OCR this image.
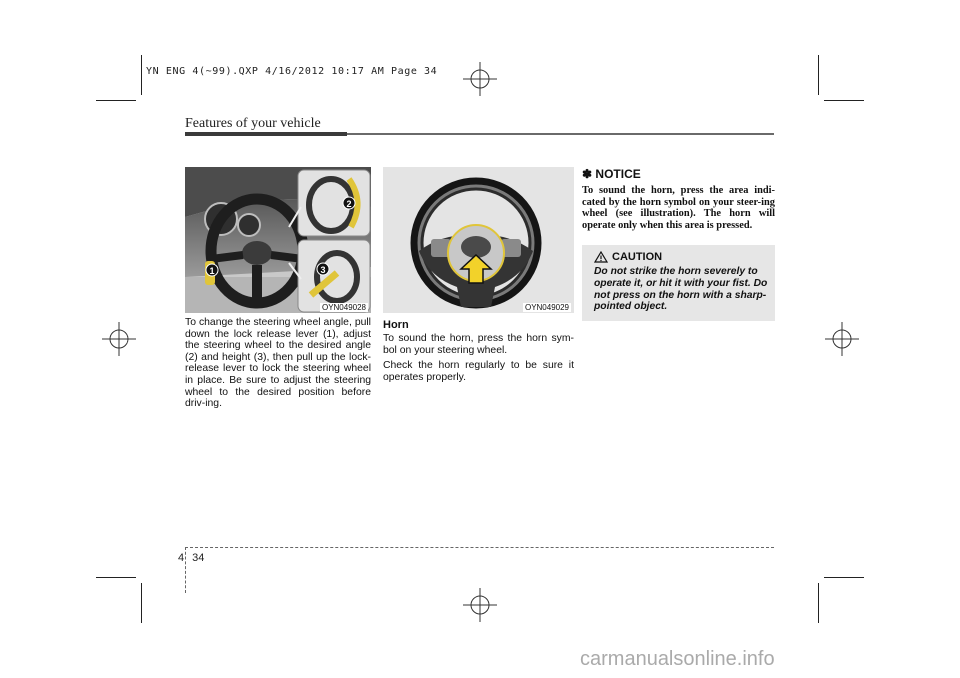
YN ENG 4(~99).QXP 4/16/2012 10:17 AM Page 34
Features of your vehicle
1
2
3
OYN049028

To change the steering wheel angle, pull down the lock release lever (1), adjust the steering wheel to the desired angle (2) and height (3), then pull up the lock-release lever to lock the steering wheel in place. Be sure to adjust the steering wheel to the desired position before driv-ing.

OYN049029

Horn

To sound the horn, press the horn sym-bol on your steering wheel.

Check the horn regularly to be sure it operates properly.

✽ NOTICE

To sound the horn, press the area indi-cated by the horn symbol on your steer-ing wheel (see illustration). The horn will operate only when this area is pressed.

CAUTION

Do not strike the horn severely to operate it, or hit it with your fist. Do not press on the horn with a sharp-pointed object.

4 34
carmanualsonline.info
